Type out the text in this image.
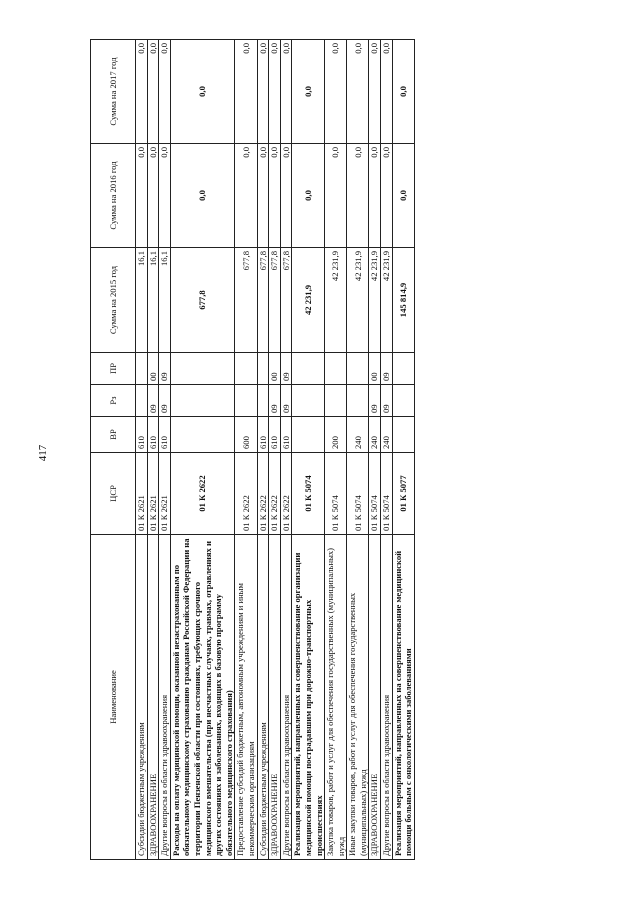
417
Наименование	ЦСР	ВР	Рз	ПР	Сумма на 2015 год	Сумма на 2016 год	Сумма на 2017 год
Субсидии бюджетным учреждениям	01 К 2621	610			16,1	0,0	0,0
ЗДРАВООХРАНЕНИЕ	01 К 2621	610	09	00	16,1	0,0	0,0
Другие вопросы в области здравоохранения	01 К 2621	610	09	09	16,1	0,0	0,0
Расходы на оплату медицинской помощи, оказанной незастрахованным по обязательному медицинскому страхованию гражданам Российской Федерации на территории Пензенской области при состояниях, требующих срочного медицинского вмешательства (при несчастных случаях, травмах, отравлениях и других состояниях и заболеваниях, входящих в базовую программу обязательного медицинского страхования)	01 К 2622				677,8	0,0	0,0
Предоставление субсидий бюджетным, автономным учреждениям и иным некоммерческим организациям	01 К 2622	600			677,8	0,0	0,0
Субсидии бюджетным учреждениям	01 К 2622	610			677,8	0,0	0,0
ЗДРАВООХРАНЕНИЕ	01 К 2622	610	09	00	677,8	0,0	0,0
Другие вопросы в области здравоохранения	01 К 2622	610	09	09	677,8	0,0	0,0
Реализация мероприятий, направленных на совершенствование организации медицинской помощи пострадавшим при дорожно-транспортных происшествиях	01 К 5074				42 231,9	0,0	0,0
Закупка товаров, работ и услуг для обеспечения государственных (муниципальных) нужд	01 К 5074	200			42 231,9	0,0	0,0
Иные закупки товаров, работ и услуг для обеспечения государственных (муниципальных) нужд	01 К 5074	240			42 231,9	0,0	0,0
ЗДРАВООХРАНЕНИЕ	01 К 5074	240	09	00	42 231,9	0,0	0,0
Другие вопросы в области здравоохранения	01 К 5074	240	09	09	42 231,9	0,0	0,0
Реализация мероприятий, направленных на совершенствование медицинской помощи больным с онкологическими заболеваниями	01 К 5077				145 814,9	0,0	0,0
